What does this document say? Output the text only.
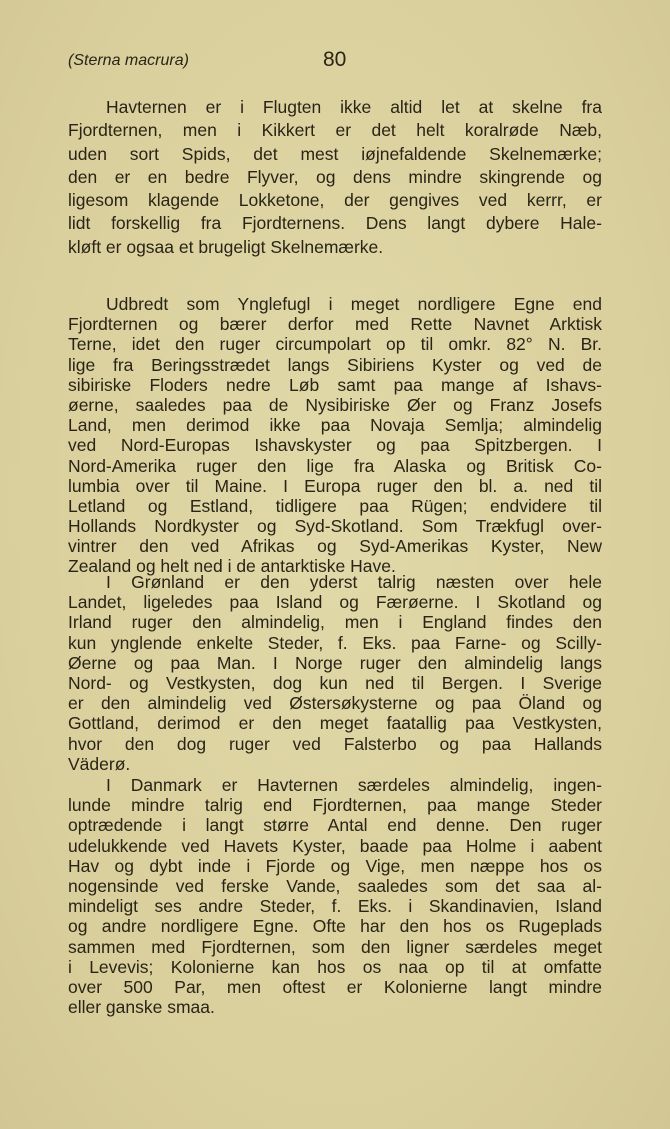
(Sterna macrura)	80
Havternen er i Flugten ikke altid let at skelne fra
Fjordternen, men i Kikkert er det helt koralrøde Næb,
uden sort Spids, det mest iøjnefaldende Skelnemærke;
den er en bedre Flyver, og dens mindre skingrende og
ligesom klagende Lokketone, der gengives ved kerrr, er
lidt forskellig fra Fjordternens. Dens langt dybere Hale-
kløft er ogsaa et brugeligt Skelnemærke.
Udbredt som Ynglefugl i meget nordligere Egne end
Fjordternen og bærer derfor med Rette Navnet Arktisk
Terne, idet den ruger circumpolart op til omkr. 82° N. Br.
lige fra Beringsstrædet langs Sibiriens Kyster og ved de
sibiriske Floders nedre Løb samt paa mange af Ishavs-
øerne, saaledes paa de Nysibiriske Øer og Franz Josefs
Land, men derimod ikke paa Novaja Semlja; almindelig
ved Nord-Europas Ishavskyster og paa Spitzbergen. I
Nord-Amerika ruger den lige fra Alaska og Britisk Co-
lumbia over til Maine. I Europa ruger den bl. a. ned til
Letland og Estland, tidligere paa Rügen; endvidere til
Hollands Nordkyster og Syd-Skotland. Som Trækfugl over-
vintrer den ved Afrikas og Syd-Amerikas Kyster, New
Zealand og helt ned i de antarktiske Have.
I Grønland er den yderst talrig næsten over hele
Landet, ligeledes paa Island og Færøerne. I Skotland og
Irland ruger den almindelig, men i England findes den
kun ynglende enkelte Steder, f. Eks. paa Farne- og Scilly-
Øerne og paa Man. I Norge ruger den almindelig langs
Nord- og Vestkysten, dog kun ned til Bergen. I Sverige
er den almindelig ved Østersøkysterne og paa Öland og
Gottland, derimod er den meget faatallig paa Vestkysten,
hvor den dog ruger ved Falsterbo og paa Hallands
Väderø.
I Danmark er Havternen særdeles almindelig, ingen-
lunde mindre talrig end Fjordternen, paa mange Steder
optrædende i langt større Antal end denne. Den ruger
udelukkende ved Havets Kyster, baade paa Holme i aabent
Hav og dybt inde i Fjorde og Vige, men næppe hos os
nogensinde ved ferske Vande, saaledes som det saa al-
mindeligt ses andre Steder, f. Eks. i Skandinavien, Island
og andre nordligere Egne. Ofte har den hos os Rugeplads
sammen med Fjordternen, som den ligner særdeles meget
i Levevis; Kolonierne kan hos os naa op til at omfatte
over 500 Par, men oftest er Kolonierne langt mindre
eller ganske smaa.
